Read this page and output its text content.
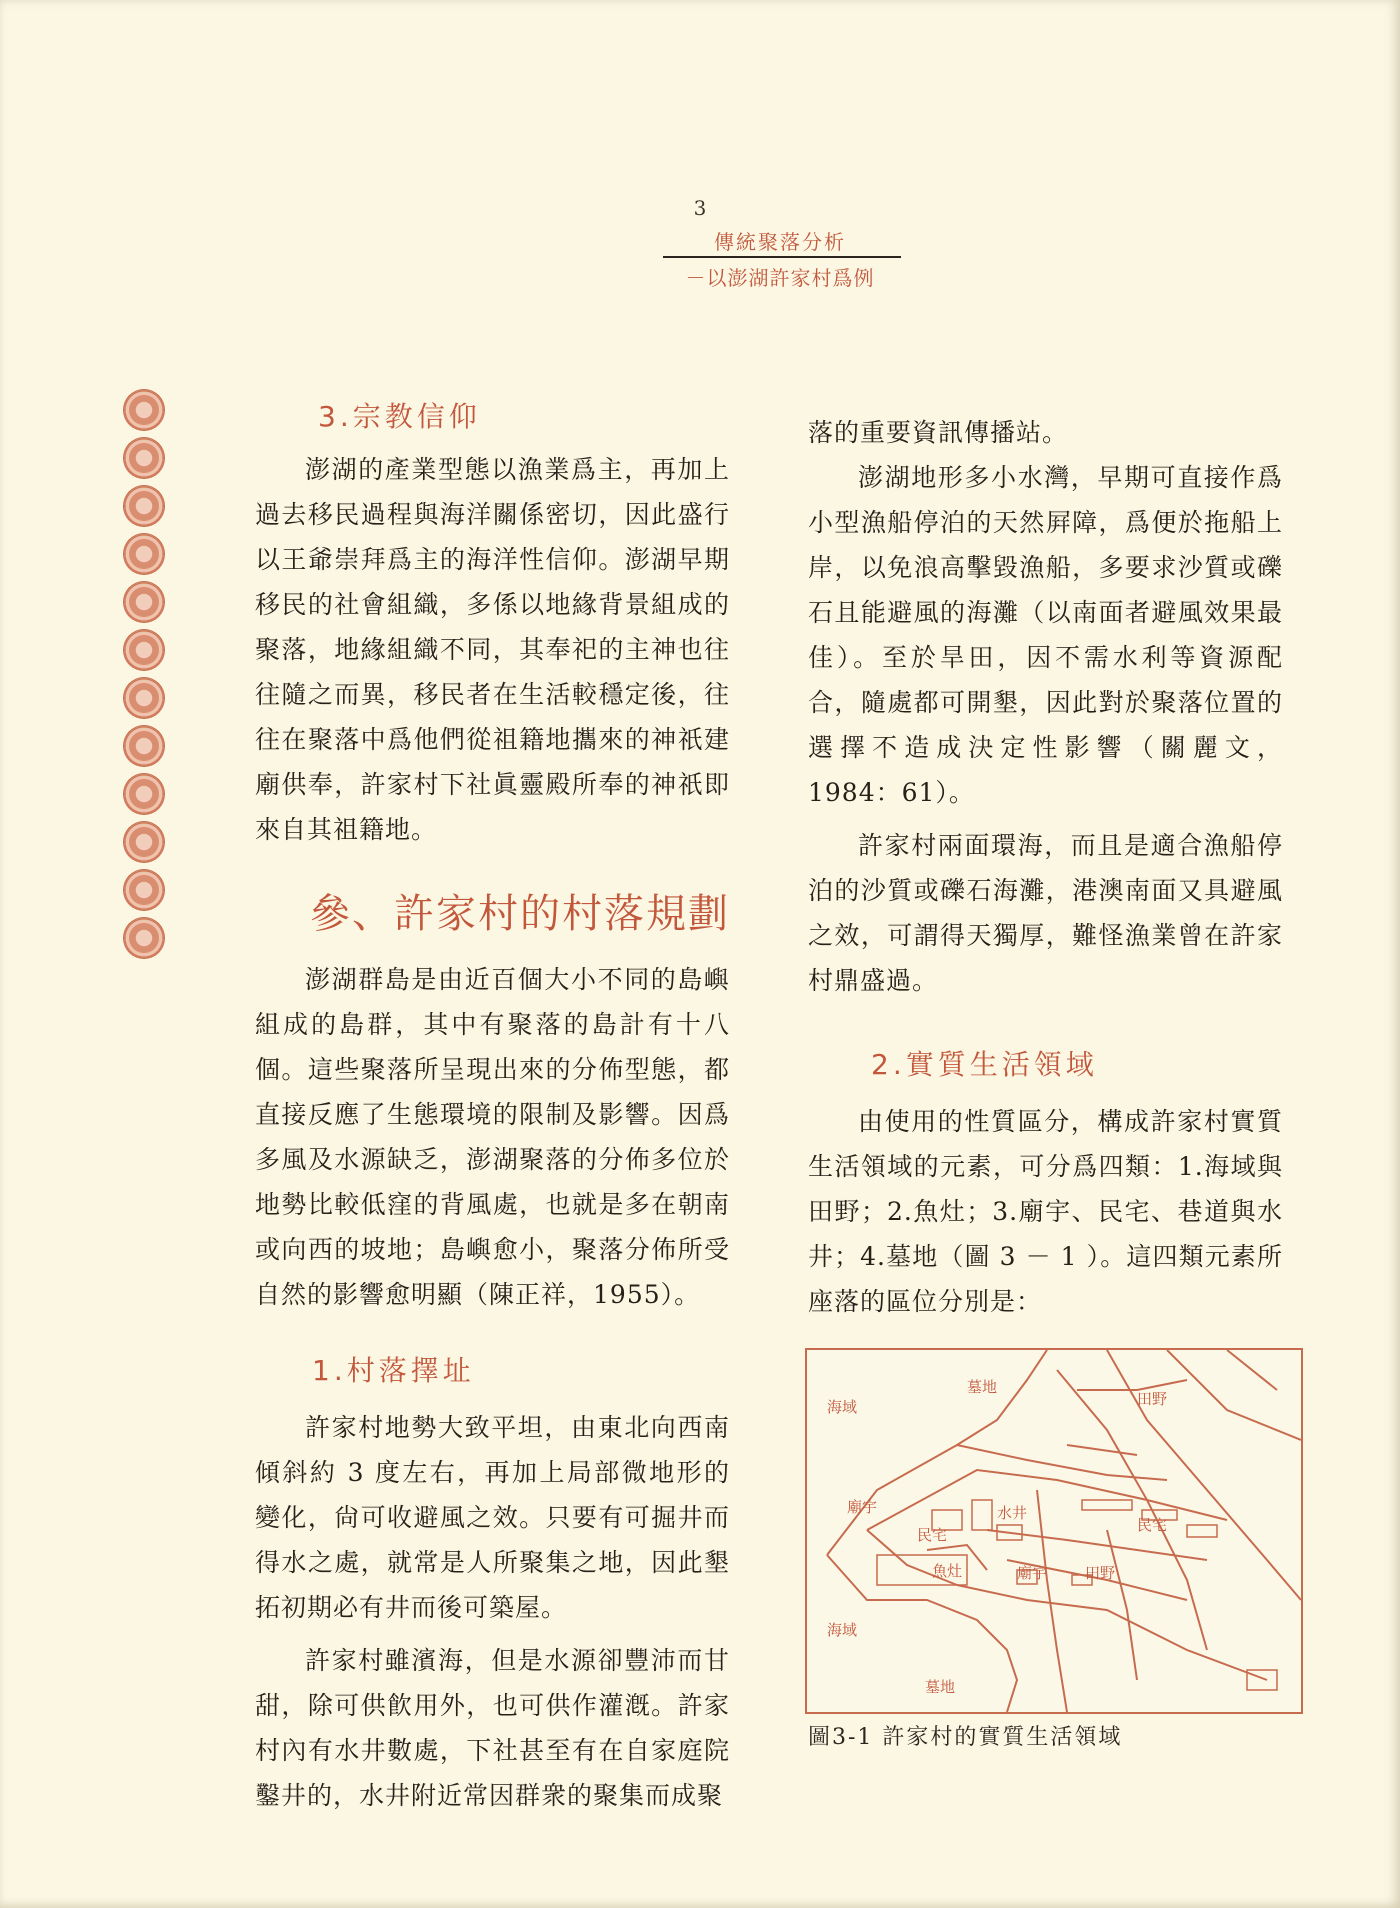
3
傳統聚落分析
－以澎湖許家村爲例
3.宗教信仰

澎湖的產業型態以漁業爲主，再加上過去移民過程與海洋關係密切，因此盛行以王爺崇拜爲主的海洋性信仰。澎湖早期移民的社會組織，多係以地緣背景組成的聚落，地緣組織不同，其奉祀的主神也往往隨之而異，移民者在生活較穩定後，往往在聚落中爲他們從祖籍地攜來的神祇建廟供奉，許家村下社眞靈殿所奉的神祇即來自其祖籍地。

參、許家村的村落規劃

澎湖群島是由近百個大小不同的島嶼組成的島群，其中有聚落的島計有十八個。這些聚落所呈現出來的分佈型態，都直接反應了生態環境的限制及影響。因爲多風及水源缺乏，澎湖聚落的分佈多位於地勢比較低窪的背風處，也就是多在朝南或向西的坡地；島嶼愈小，聚落分佈所受自然的影響愈明顯（陳正祥，1955）。

1.村落擇址

許家村地勢大致平坦，由東北向西南傾斜約 3 度左右，再加上局部微地形的變化，尙可收避風之效。只要有可掘井而得水之處，就常是人所聚集之地，因此墾拓初期必有井而後可築屋。

許家村雖濱海，但是水源卻豐沛而甘甜，除可供飮用外，也可供作灌漑。許家村內有水井數處，下社甚至有在自家庭院鑿井的，水井附近常因群衆的聚集而成聚

落的重要資訊傳播站。

澎湖地形多小水灣，早期可直接作爲小型漁船停泊的天然屛障，爲便於拖船上岸，以免浪高擊毀漁船，多要求沙質或礫石且能避風的海灘（以南面者避風效果最佳）。至於旱田，因不需水利等資源配合，隨處都可開墾，因此對於聚落位置的選擇不造成決定性影響（關麗文，1984：61）。

許家村兩面環海，而且是適合漁船停泊的沙質或礫石海灘，港澳南面又具避風之效，可謂得天獨厚，難怪漁業曾在許家村鼎盛過。

2.實質生活領域

由使用的性質區分，構成許家村實質生活領域的元素，可分爲四類：1.海域與田野；2.魚灶；3.廟宇、民宅、巷道與水井；4.墓地（圖 3 － 1 ）。這四類元素所座落的區位分別是：

墓地
田野
海域
廟宇	水井
民宅
民宅
魚灶	廟宇	田野
海域
墓地
圖3-1 許家村的實質生活領域
